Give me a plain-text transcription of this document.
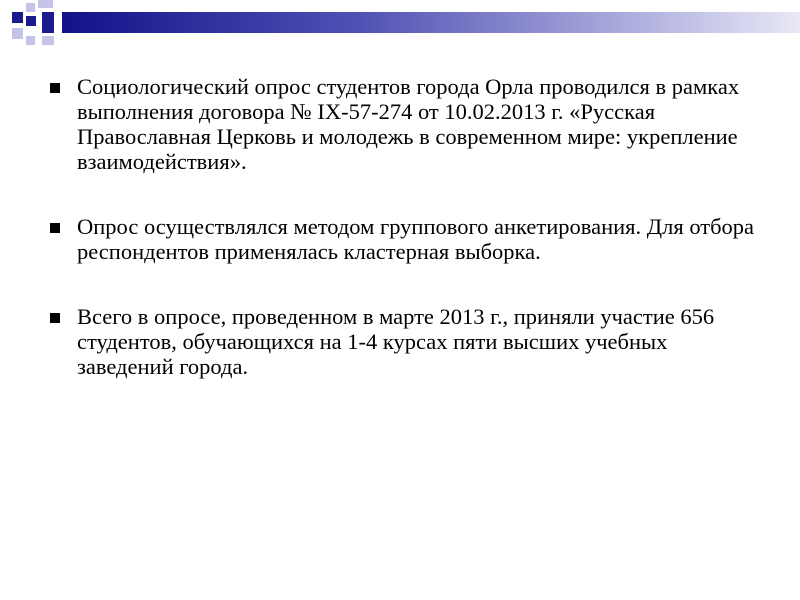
Социологический опрос студентов города Орла проводился в рамках выполнения договора № IX-57-274 от 10.02.2013 г. «Русская Православная Церковь и молодежь в современном мире: укрепление взаимодействия».
Опрос осуществлялся методом группового анкетирования. Для отбора респондентов применялась кластерная выборка.
Всего в опросе, проведенном в марте 2013 г., приняли участие 656 студентов, обучающихся на 1-4 курсах пяти высших учебных заведений города.
